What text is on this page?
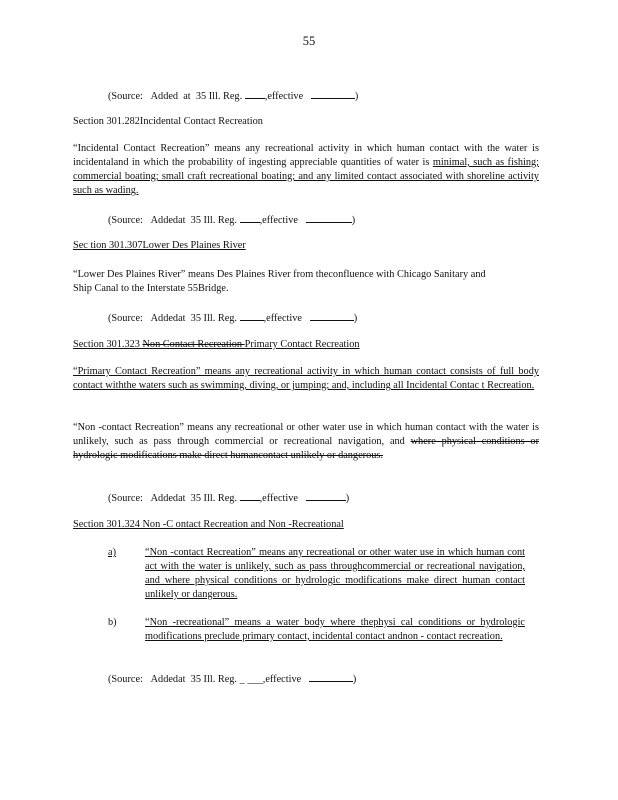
55
(Source: Added at 35 Ill. Reg. ,effective	)
Section 301.282Incidental Contact Recreation
“Incidental Contact Recreation” means any recreational activity in which human contact with the water is incidentaland in which the probability of ingesting appreciable quantities of water is minimal, such as fishing; commercial boating; small craft recreational boating; and any limited contact associated with shoreline activity such as wading.
(Source: Addedat 35 Ill. Reg. ,effective	)
Sec tion 301.307Lower Des Plaines River
“Lower Des Plaines River” means Des Plaines River from theconfluence with Chicago Sanitary and Ship Canal to the Interstate 55Bridge.
(Source: Addedat 35 Ill. Reg.	,effective	)
Section 301.323 Non Contact Recreation Primary Contact Recreation
“Primary Contact Recreation” means any recreational activity in which human contact consists of full body contact withthe waters such as swimming, diving, or jumping; and, including all Incidental Contac t Recreation.
“Non -contact Recreation” means any recreational or other water use in which human contact with the water is unlikely, such as pass through commercial or recreational navigation, and where physical conditions or hydrologic modifications make direct humancontact unlikely or dangerous.
(Source: Addedat 35 Ill. Reg. ,effective	)
Section 301.324 Non -C ontact Recreation and Non -Recreational
a)	“Non -contact Recreation” means any recreational or other water use in which human cont act with the water is unlikely, such as pass throughcommercial or recreational navigation, and where physical conditions or hydrologic modifications make direct human contact unlikely or dangerous.
b)	“Non -recreational” means a water body where thephysi cal conditions or hydrologic modifications preclude primary contact, incidental contact andnon - contact recreation.
(Source: Addedat 35 Ill. Reg. _ ___,effective	)
